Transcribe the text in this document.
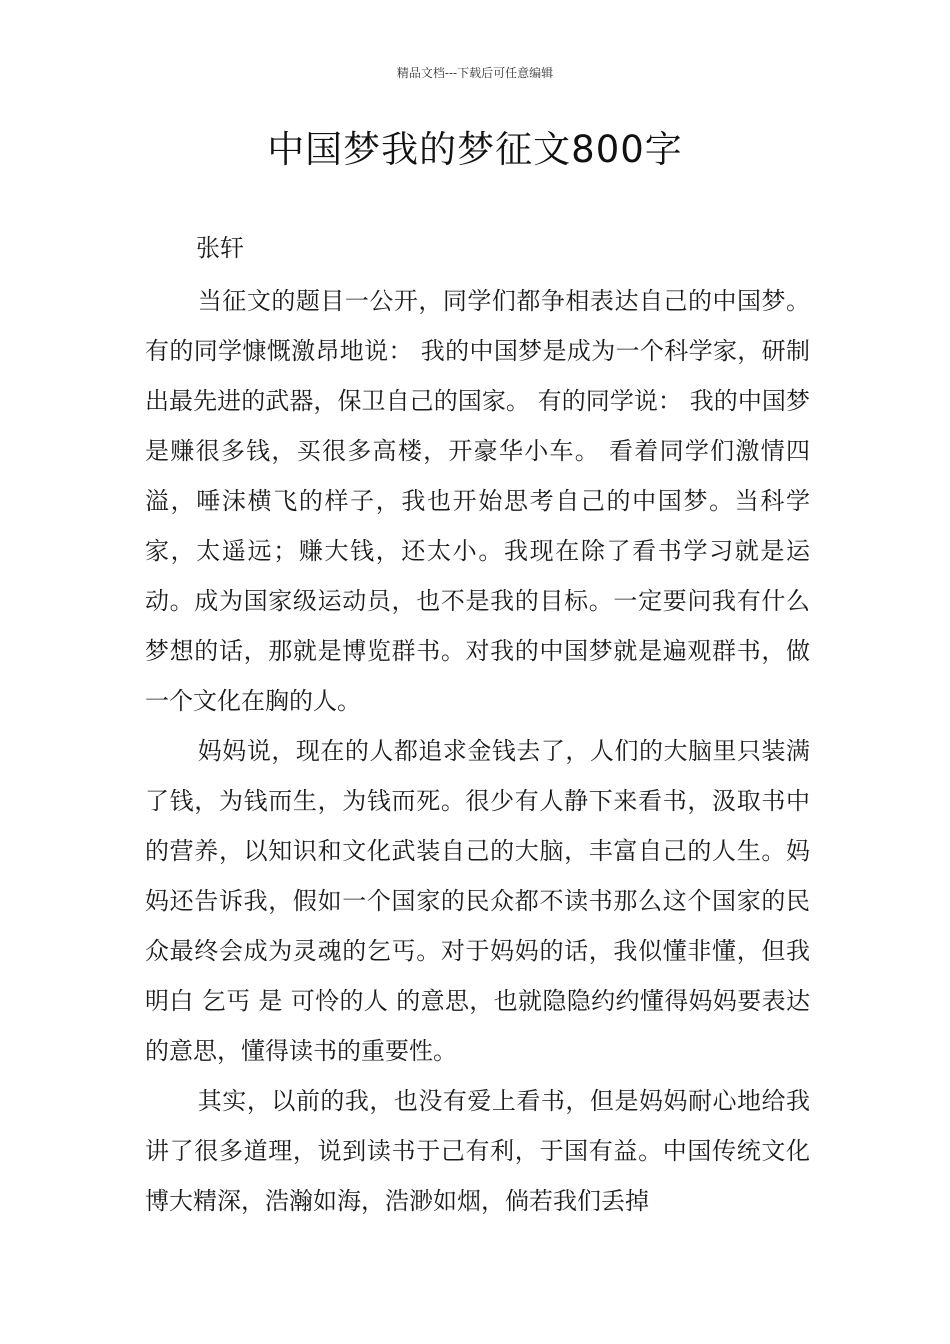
精品文档---下载后可任意编辑
中国梦我的梦征文800字
张轩

当征文的题目一公开，同学们都争相表达自己的中国梦。有的同学慷慨激昂地说： 我的中国梦是成为一个科学家，研制出最先进的武器，保卫自己的国家。 有的同学说： 我的中国梦是赚很多钱，买很多高楼，开豪华小车。 看着同学们激情四溢，唾沫横飞的样子，我也开始思考自己的中国梦。当科学家，太遥远；赚大钱，还太小。我现在除了看书学习就是运动。成为国家级运动员，也不是我的目标。一定要问我有什么梦想的话，那就是博览群书。对我的中国梦就是遍观群书，做一个文化在胸的人。

妈妈说，现在的人都追求金钱去了，人们的大脑里只装满了钱，为钱而生，为钱而死。很少有人静下来看书，汲取书中的营养，以知识和文化武装自己的大脑，丰富自己的人生。妈妈还告诉我，假如一个国家的民众都不读书那么这个国家的民众最终会成为灵魂的乞丐。对于妈妈的话，我似懂非懂，但我明白 乞丐 是 可怜的人 的意思，也就隐隐约约懂得妈妈要表达的意思，懂得读书的重要性。

其实，以前的我，也没有爱上看书，但是妈妈耐心地给我讲了很多道理，说到读书于己有利，于国有益。中国传统文化博大精深，浩瀚如海，浩渺如烟，倘若我们丢掉
